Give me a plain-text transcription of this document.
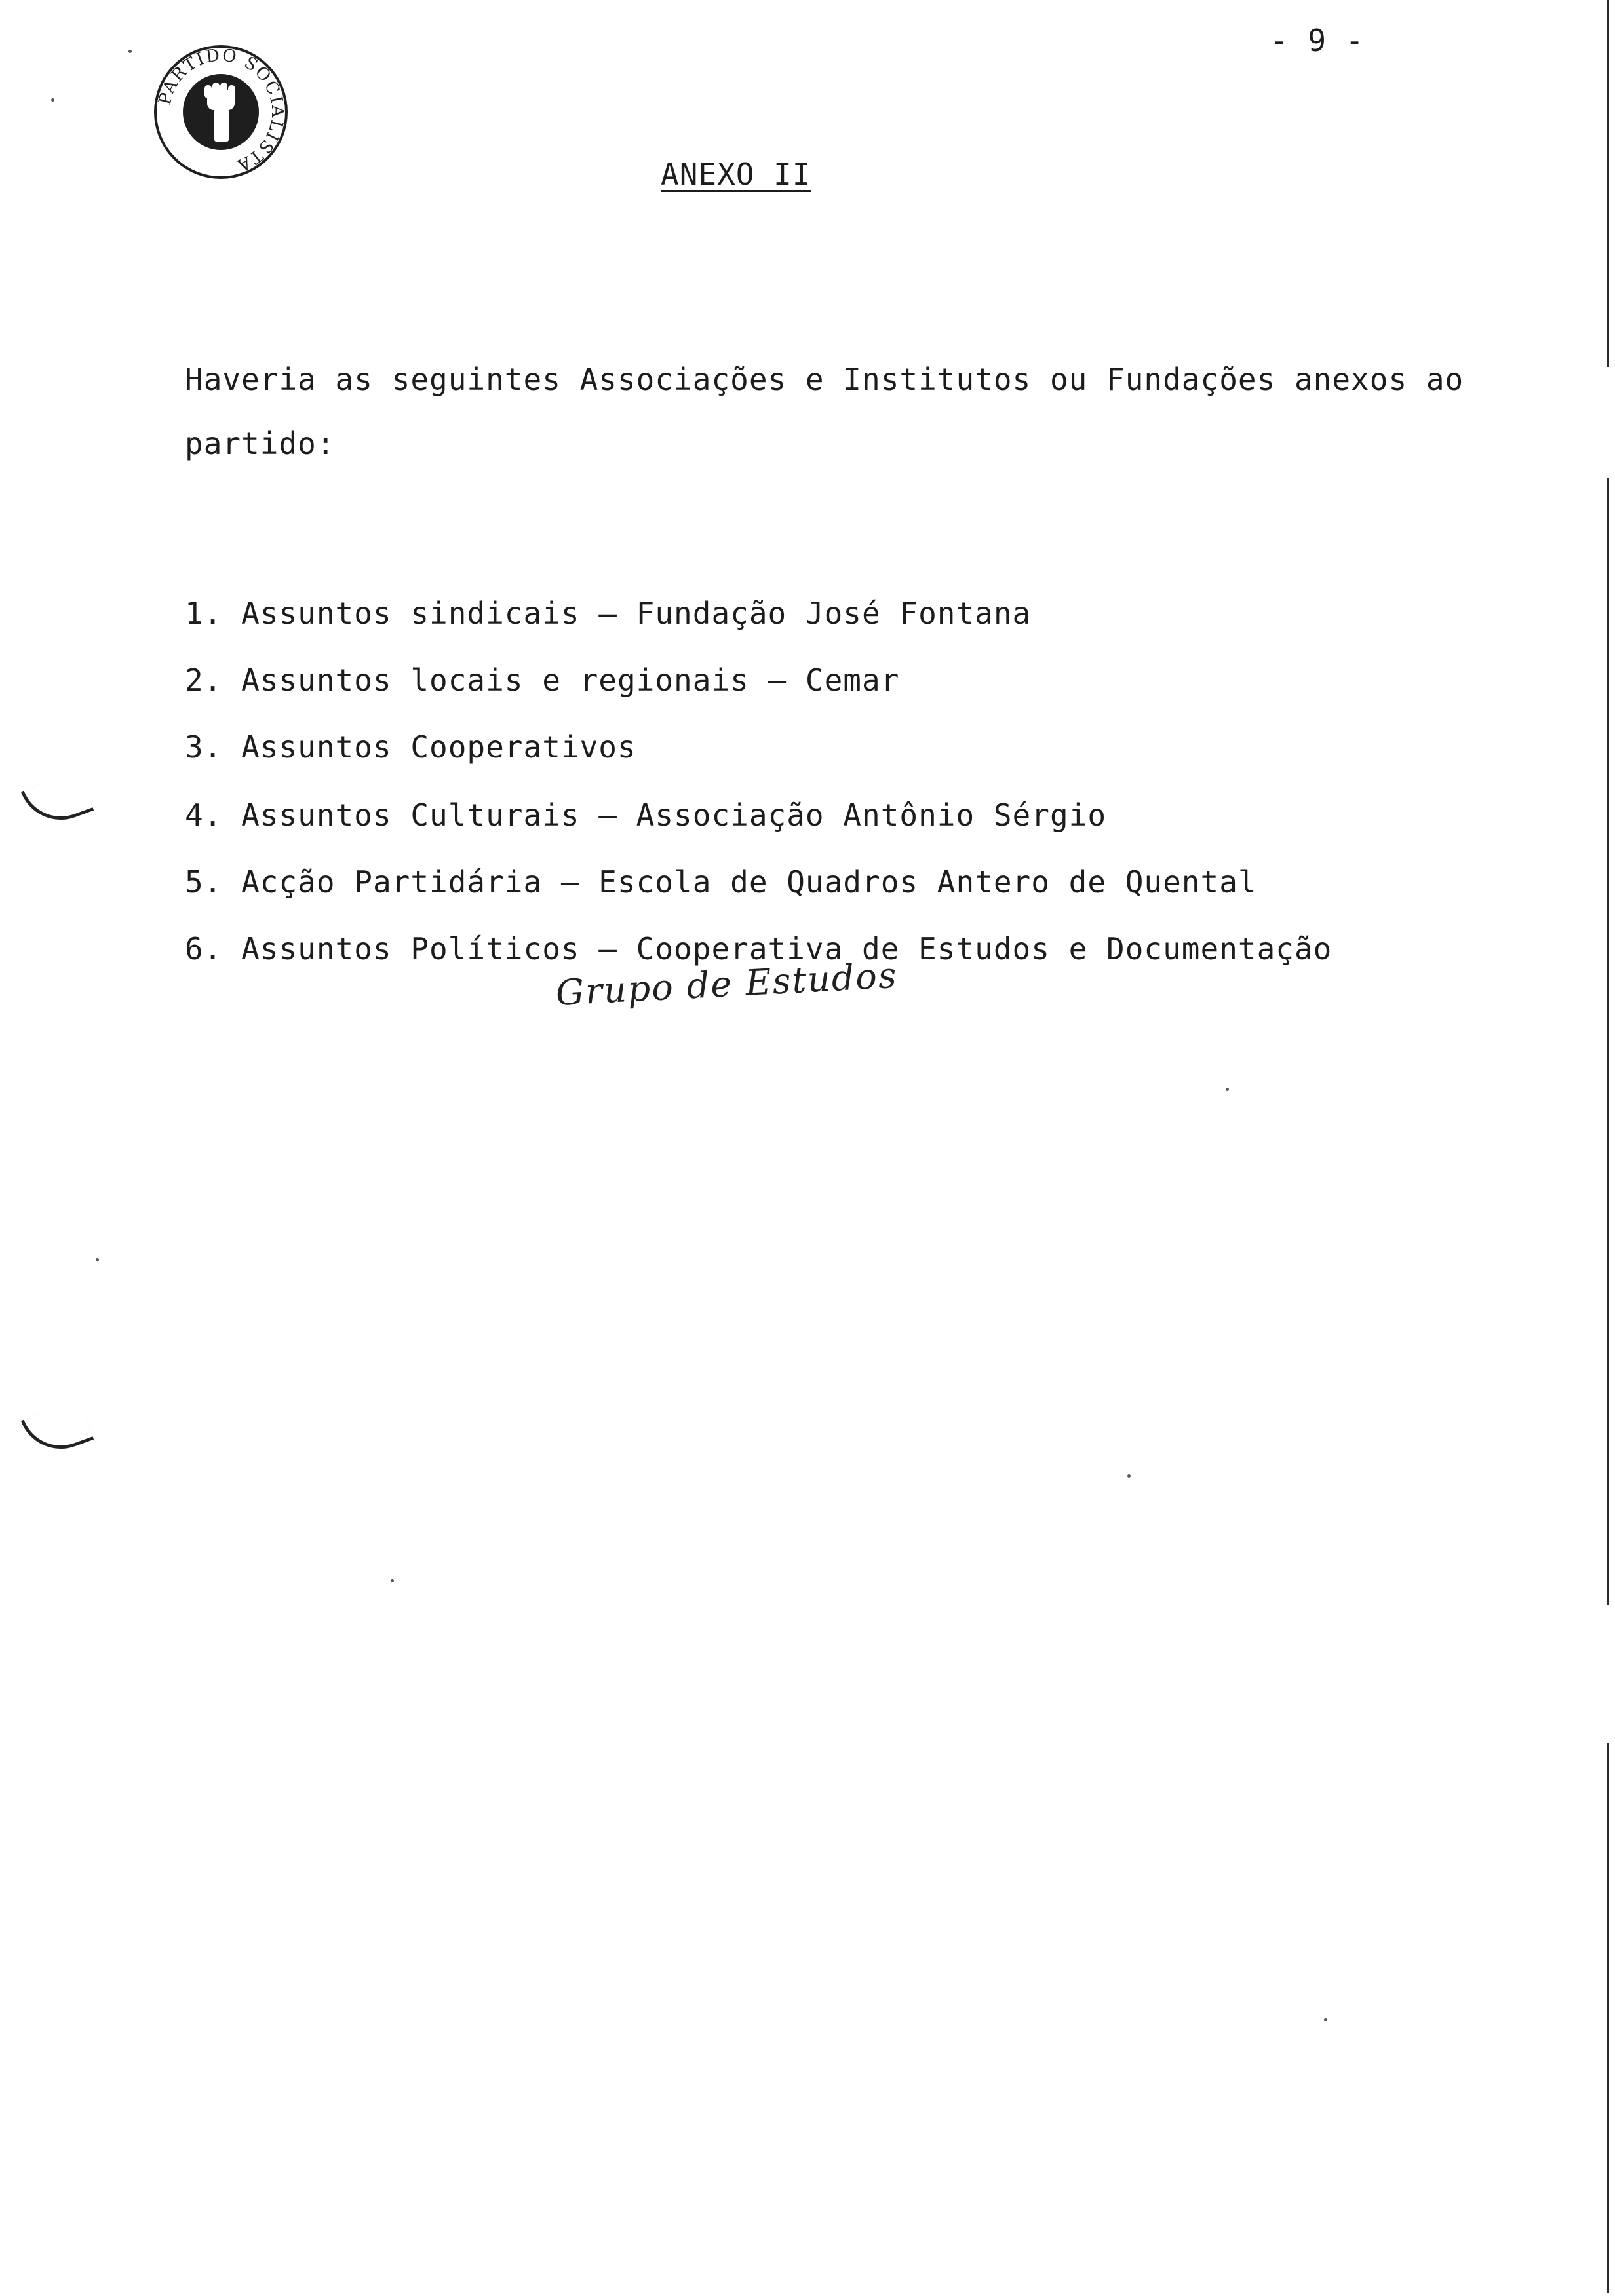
PARTIDO SOCIALISTA
- 9 -
ANEXO II
Haveria as seguintes Associações e Institutos ou Fundações anexos ao partido:
1. Assuntos sindicais — Fundação José Fontana
2. Assuntos locais e regionais — Cemar
3. Assuntos Cooperativos
4. Assuntos Culturais — Associação Antônio Sérgio
5. Acção Partidária — Escola de Quadros Antero de Quental
6. Assuntos Políticos — Cooperativa de Estudos e Documentação
Grupo de Estudos
